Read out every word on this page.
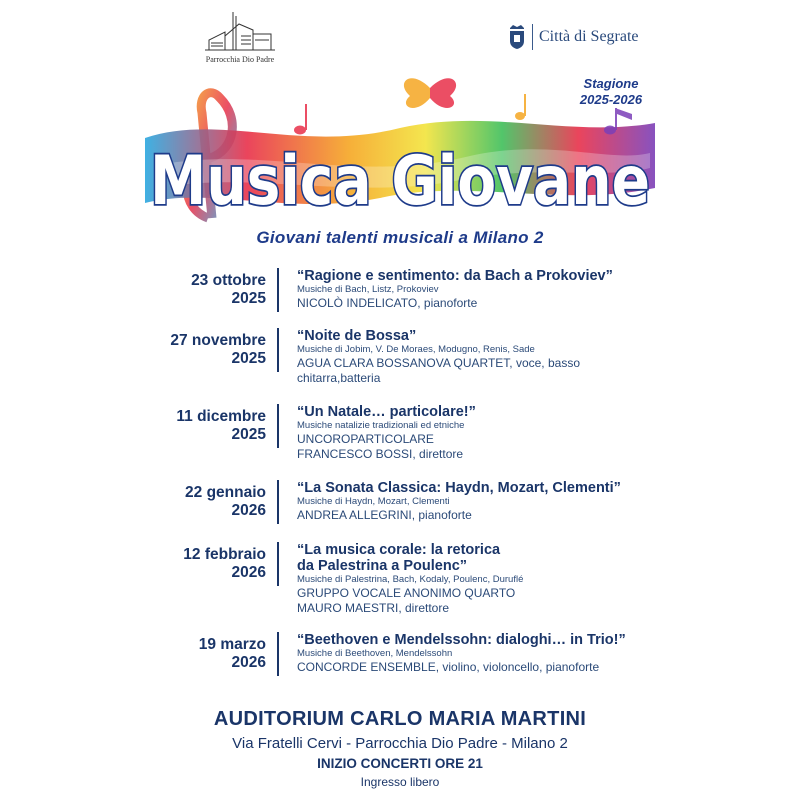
Parrocchia Dio Padre
Città di Segrate
Stagione
2025-2026
Musica Giovane
Giovani talenti musicali a Milano 2
23 ottobre
2025
“Ragione e sentimento: da Bach a Prokoviev”
Musiche di Bach, Listz, Prokoviev
NICOLÒ INDELICATO, pianoforte
27 novembre
2025
“Noite de Bossa”
Musiche di Jobim, V. De Moraes, Modugno, Renis, Sade
AGUA CLARA BOSSANOVA QUARTET, voce, basso
chitarra,batteria
11 dicembre
2025
“Un Natale… particolare!”
Musiche natalizie tradizionali ed etniche
UNCOROPARTICOLARE
FRANCESCO BOSSI, direttore
22 gennaio
2026
“La Sonata Classica: Haydn, Mozart, Clementi”
Musiche di Haydn, Mozart, Clementi
ANDREA ALLEGRINI, pianoforte
12 febbraio
2026
“La musica corale: la retorica
da Palestrina a Poulenc”
Musiche di Palestrina, Bach, Kodaly, Poulenc, Duruflé
GRUPPO VOCALE ANONIMO QUARTO
MAURO MAESTRI, direttore
19 marzo
2026
“Beethoven e Mendelssohn: dialoghi… in Trio!”
Musiche di Beethoven, Mendelssohn
CONCORDE ENSEMBLE, violino, violoncello, pianoforte
AUDITORIUM CARLO MARIA MARTINI
Via Fratelli Cervi - Parrocchia Dio Padre - Milano 2
INIZIO CONCERTI ORE 21
Ingresso libero
